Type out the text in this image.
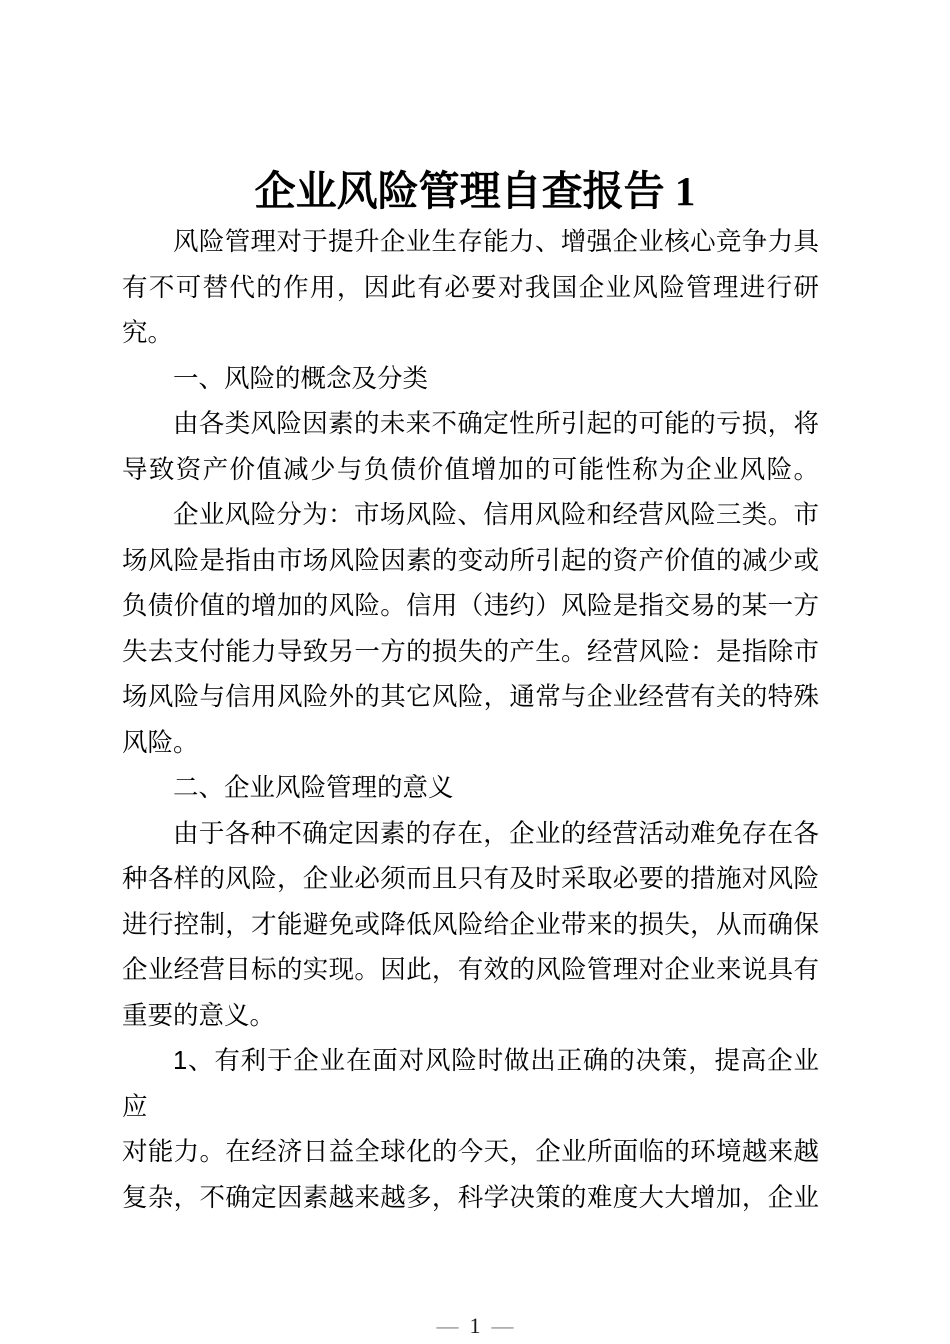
企业风险管理自查报告 1
风险管理对于提升企业生存能力、增强企业核心竞争力具
有不可替代的作用，因此有必要对我国企业风险管理进行研
究。
一、风险的概念及分类
由各类风险因素的未来不确定性所引起的可能的亏损，将
导致资产价值减少与负债价值增加的可能性称为企业风险。
企业风险分为：市场风险、信用风险和经营风险三类。市
场风险是指由市场风险因素的变动所引起的资产价值的减少或
负债价值的增加的风险。信用（违约）风险是指交易的某一方
失去支付能力导致另一方的损失的产生。经营风险：是指除市
场风险与信用风险外的其它风险，通常与企业经营有关的特殊
风险。
二、企业风险管理的意义
由于各种不确定因素的存在，企业的经营活动难免存在各
种各样的风险，企业必须而且只有及时采取必要的措施对风险
进行控制，才能避免或降低风险给企业带来的损失，从而确保
企业经营目标的实现。因此，有效的风险管理对企业来说具有
重要的意义。
1、有利于企业在面对风险时做出正确的决策，提高企业应
对能力。在经济日益全球化的今天，企业所面临的环境越来越
复杂，不确定因素越来越多，科学决策的难度大大增加，企业
— 1 —
